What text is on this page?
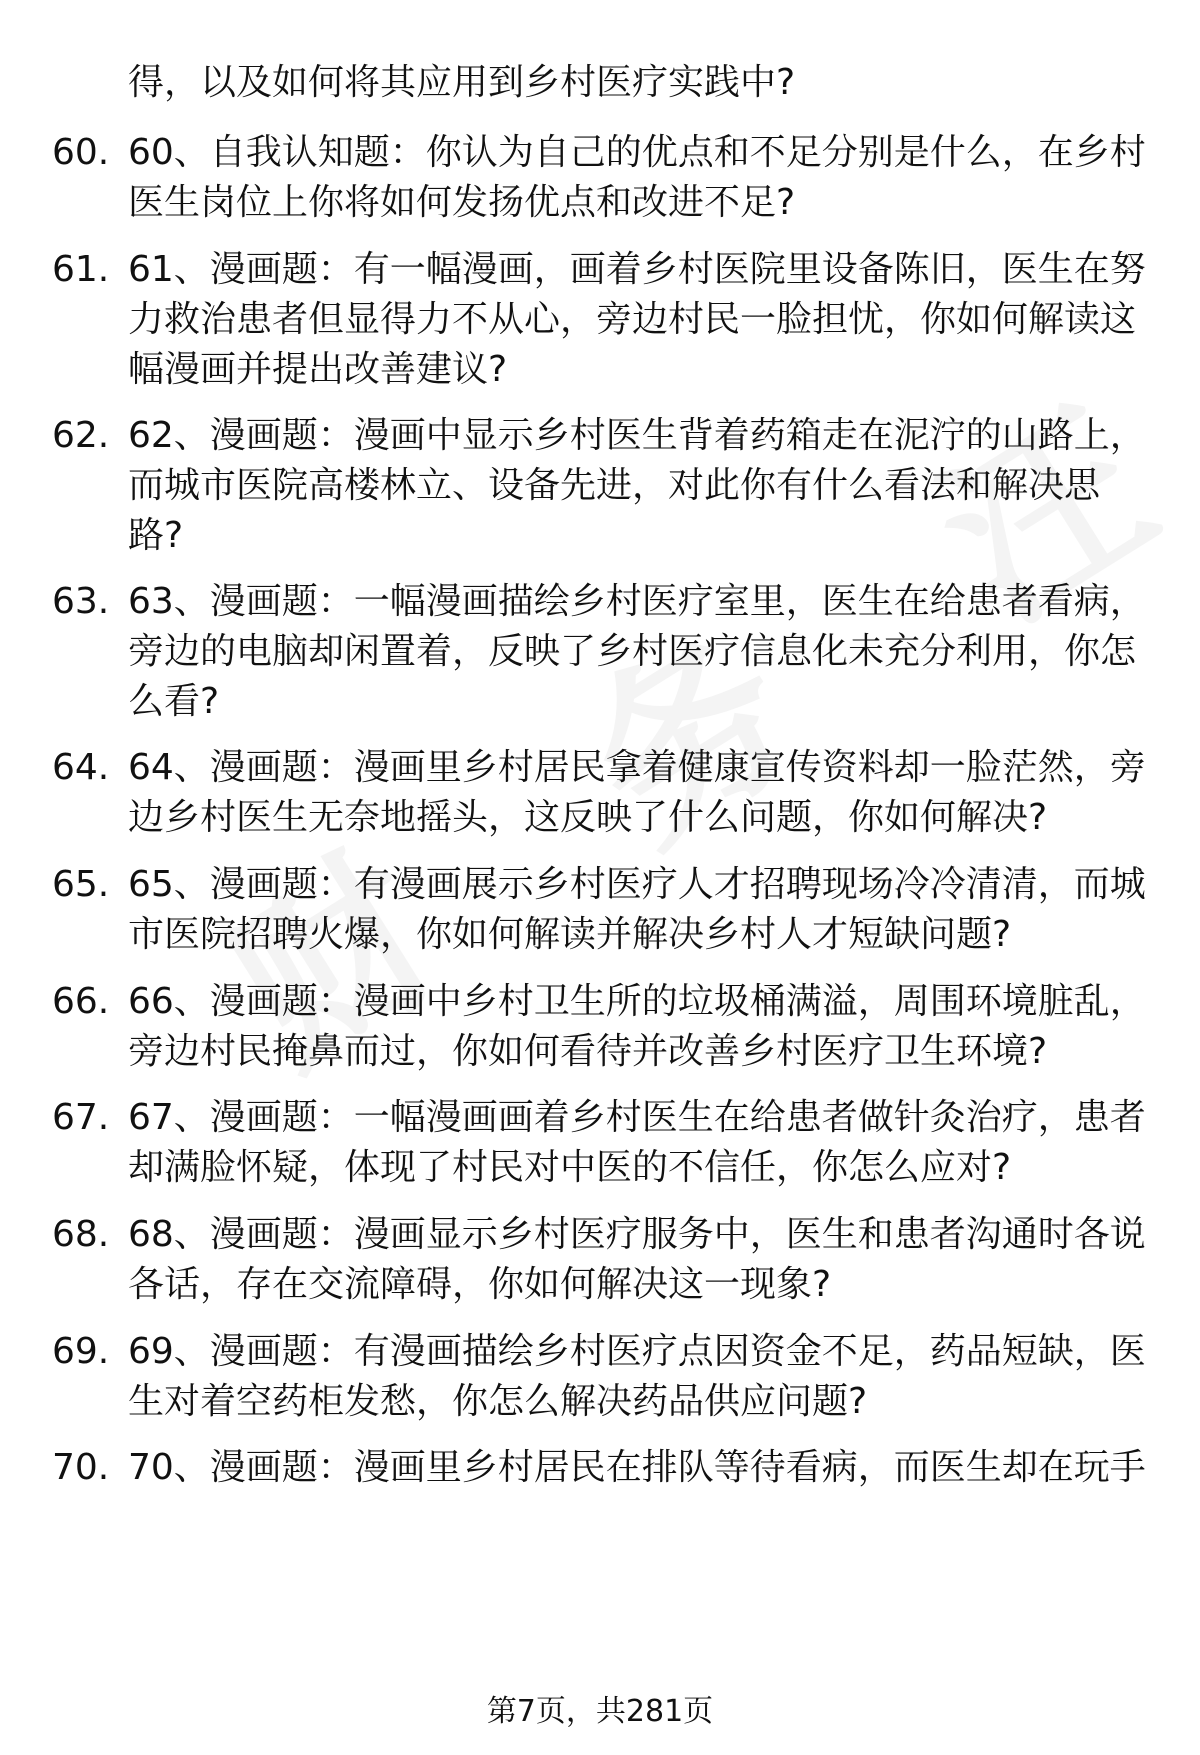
得，以及如何将其应用到乡村医疗实践中?

60. 60、自我认知题：你认为自己的优点和不足分别是什么，在乡村医生岗位上你将如何发扬优点和改进不足?

61. 61、漫画题：有一幅漫画，画着乡村医院里设备陈旧，医生在努力救治患者但显得力不从心，旁边村民一脸担忧，你如何解读这幅漫画并提出改善建议?

62. 62、漫画题：漫画中显示乡村医生背着药箱走在泥泞的山路上，而城市医院高楼林立、设备先进，对此你有什么看法和解决思路?

63. 63、漫画题：一幅漫画描绘乡村医疗室里，医生在给患者看病，旁边的电脑却闲置着，反映了乡村医疗信息化未充分利用，你怎么看?

64. 64、漫画题：漫画里乡村居民拿着健康宣传资料却一脸茫然，旁边乡村医生无奈地摇头，这反映了什么问题，你如何解决?

65. 65、漫画题：有漫画展示乡村医疗人才招聘现场冷冷清清，而城市医院招聘火爆，你如何解读并解决乡村人才短缺问题?

66. 66、漫画题：漫画中乡村卫生所的垃圾桶满溢，周围环境脏乱，旁边村民掩鼻而过，你如何看待并改善乡村医疗卫生环境?

67. 67、漫画题：一幅漫画画着乡村医生在给患者做针灸治疗，患者却满脸怀疑，体现了村民对中医的不信任，你怎么应对?

68. 68、漫画题：漫画显示乡村医疗服务中，医生和患者沟通时各说各话，存在交流障碍，你如何解决这一现象?

69. 69、漫画题：有漫画描绘乡村医疗点因资金不足，药品短缺，医生对着空药柜发愁，你怎么解决药品供应问题?

70. 70、漫画题：漫画里乡村居民在排队等待看病，而医生却在玩手

第7页，共281页
